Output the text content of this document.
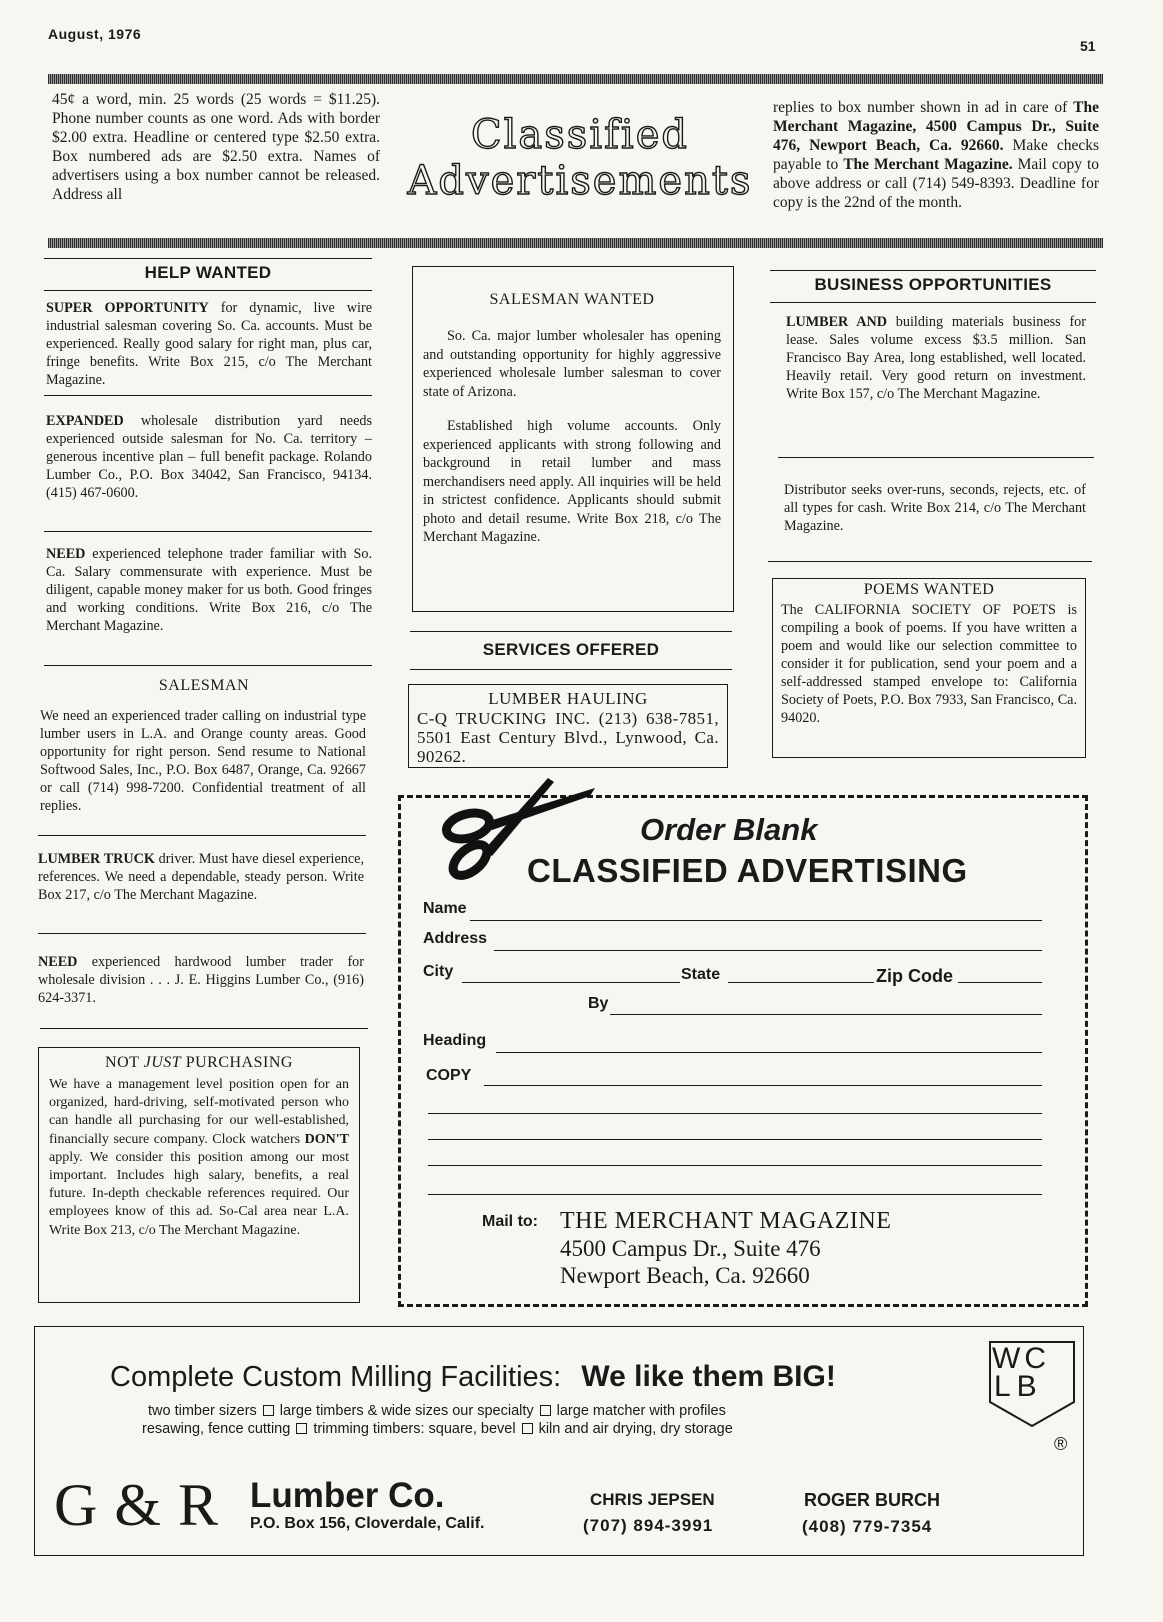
August, 1976
51

45¢ a word, min. 25 words (25 words = $11.25). Phone number counts as one word. Ads with border $2.00 extra. Headline or centered type $2.50 extra. Box numbered ads are $2.50 extra. Names of advertisers using a box number cannot be released. Address all

Classified
Advertisements

replies to box number shown in ad in care of The Merchant Magazine, 4500 Campus Dr., Suite 476, Newport Beach, Ca. 92660. Make checks payable to The Merchant Magazine. Mail copy to above address or call (714) 549-8393. Deadline for copy is the 22nd of the month.

HELP WANTED

SUPER OPPORTUNITY for dynamic, live wire industrial salesman covering So. Ca. accounts. Must be experienced. Really good salary for right man, plus car, fringe benefits. Write Box 215, c/o The Merchant Magazine.

EXPANDED wholesale distribution yard needs experienced outside salesman for No. Ca. territory – generous incentive plan – full benefit package. Rolando Lumber Co., P.O. Box 34042, San Francisco, 94134. (415) 467-0600.

NEED experienced telephone trader familiar with So. Ca. Salary commensurate with experience. Must be diligent, capable money maker for us both. Good fringes and working conditions. Write Box 216, c/o The Merchant Magazine.

SALESMAN

We need an experienced trader calling on industrial type lumber users in L.A. and Orange county areas. Good opportunity for right person. Send resume to National Softwood Sales, Inc., P.O. Box 6487, Orange, Ca. 92667 or call (714) 998-7200. Confidential treatment of all replies.

LUMBER TRUCK driver. Must have diesel experience, references. We need a dependable, steady person. Write Box 217, c/o The Merchant Magazine.

NEED experienced hardwood lumber trader for wholesale division . . . J. E. Higgins Lumber Co., (916) 624-3371.

NOT JUST PURCHASING

We have a management level position open for an organized, hard-driving, self-motivated person who can handle all purchasing for our well-established, financially secure company. Clock watchers DON'T apply. We consider this position among our most important. Includes high salary, benefits, a real future. In-depth checkable references required. Our employees know of this ad. So-Cal area near L.A. Write Box 213, c/o The Merchant Magazine.

SALESMAN WANTED

So. Ca. major lumber wholesaler has opening and outstanding opportunity for highly aggressive experienced wholesale lumber salesman to cover state of Arizona.

Established high volume accounts. Only experienced applicants with strong following and background in retail lumber and mass merchandisers need apply. All inquiries will be held in strictest confidence. Applicants should submit photo and detail resume. Write Box 218, c/o The Merchant Magazine.

SERVICES OFFERED
LUMBER HAULING

C-Q TRUCKING INC. (213) 638-7851, 5501 East Century Blvd., Lynwood, Ca. 90262.

BUSINESS OPPORTUNITIES

LUMBER AND building materials business for lease. Sales volume excess $3.5 million. San Francisco Bay Area, long established, well located. Heavily retail. Very good return on investment. Write Box 157, c/o The Merchant Magazine.

Distributor seeks over-runs, seconds, rejects, etc. of all types for cash. Write Box 214, c/o The Merchant Magazine.

POEMS WANTED

The CALIFORNIA SOCIETY OF POETS is compiling a book of poems. If you have written a poem and would like our selection committee to consider it for publication, send your poem and a self-addressed stamped envelope to: California Society of Poets, P.O. Box 7933, San Francisco, Ca. 94020.

Order Blank
CLASSIFIED ADVERTISING
Name
Address
City	State	Zip Code
By
Heading
COPY
Mail to: THE MERCHANT MAGAZINE
4500 Campus Dr., Suite 476
Newport Beach, Ca. 92660
Complete Custom Milling Facilities: We like them BIG!
two timber sizers large timbers & wide sizes our specialty large matcher with profiles
resawing, fence cutting trimming timbers: square, bevel kiln and air drying, dry storage
WC
LB
®
G & R Lumber Co.
P.O. Box 156, Cloverdale, Calif.
CHRIS JEPSEN
(707) 894-3991
ROGER BURCH
(408) 779-7354
